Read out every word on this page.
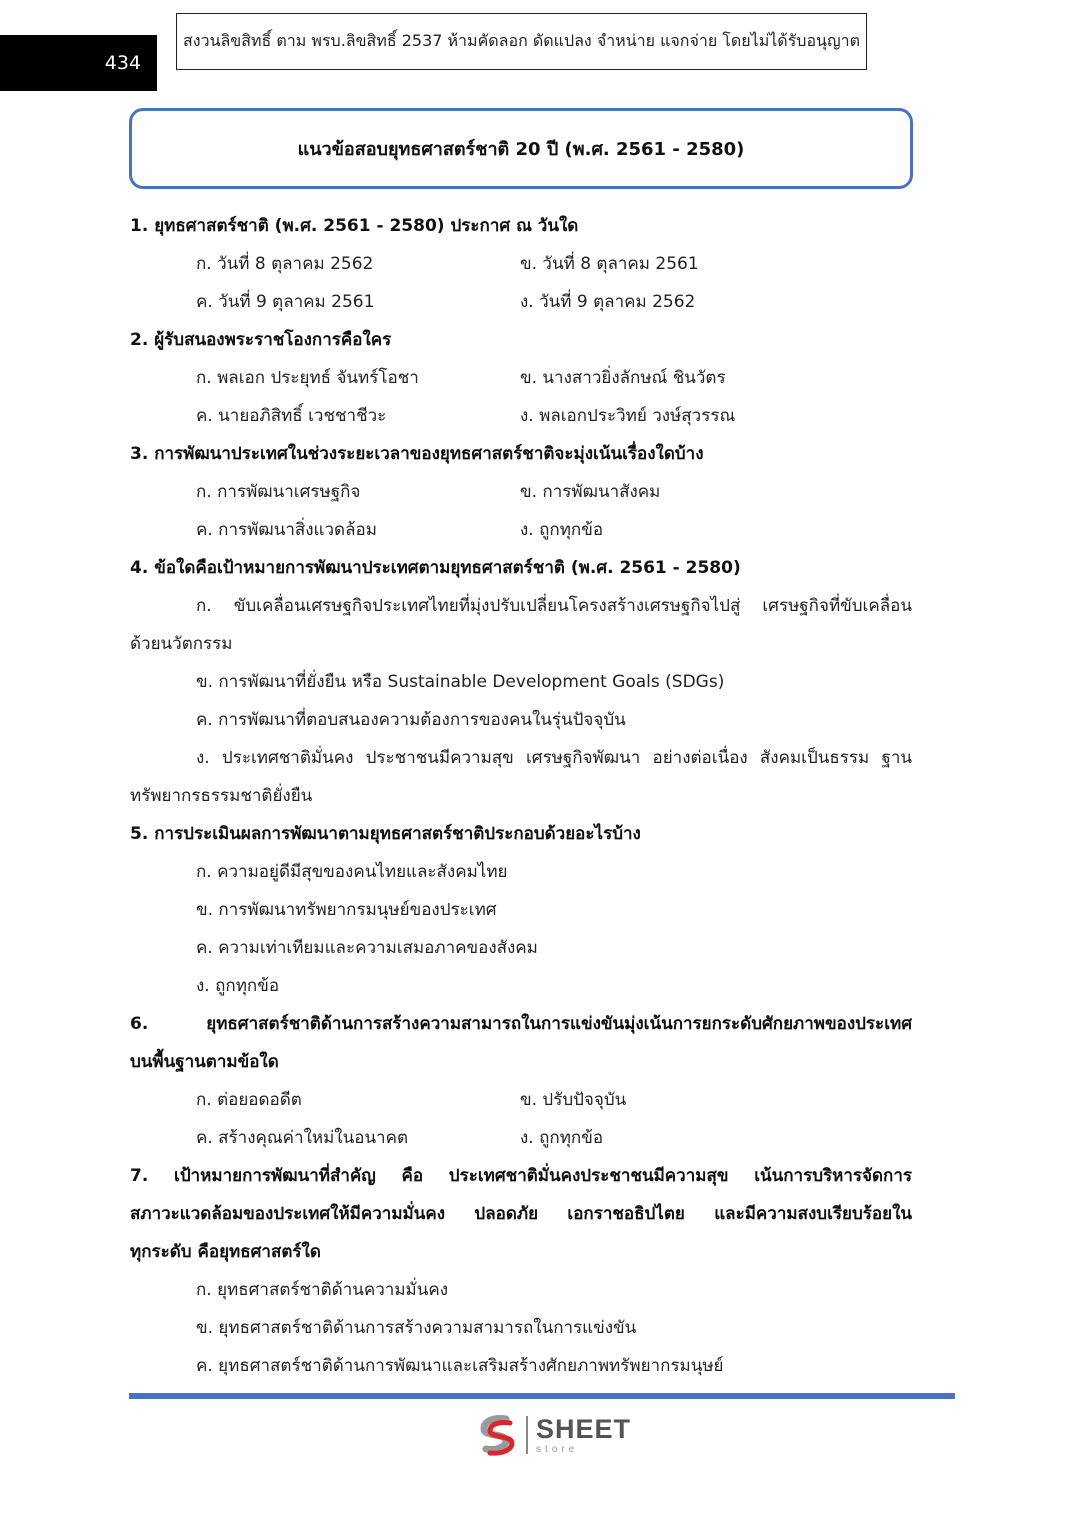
434
สงวนลิขสิทธิ์ ตาม พรบ.ลิขสิทธิ์ 2537 ห้ามคัดลอก ดัดแปลง จำหน่าย แจกจ่าย โดยไม่ได้รับอนุญาต
แนวข้อสอบยุทธศาสตร์ชาติ 20 ปี (พ.ศ. 2561 - 2580)
1. ยุทธศาสตร์ชาติ (พ.ศ. 2561 - 2580) ประกาศ ณ วันใด
ก. วันที่ 8 ตุลาคม 2562	ข. วันที่ 8 ตุลาคม 2561
ค. วันที่ 9 ตุลาคม 2561	ง. วันที่ 9 ตุลาคม 2562
2. ผู้รับสนองพระราชโองการคือใคร
ก. พลเอก ประยุทธ์ จันทร์โอชา	ข. นางสาวยิ่งลักษณ์ ชินวัตร
ค. นายอภิสิทธิ์ เวชชาชีวะ	ง. พลเอกประวิทย์ วงษ์สุวรรณ
3. การพัฒนาประเทศในช่วงระยะเวลาของยุทธศาสตร์ชาติจะมุ่งเน้นเรื่องใดบ้าง
ก. การพัฒนาเศรษฐกิจ	ข. การพัฒนาสังคม
ค. การพัฒนาสิ่งแวดล้อม	ง. ถูกทุกข้อ
4. ข้อใดคือเป้าหมายการพัฒนาประเทศตามยุทธศาสตร์ชาติ (พ.ศ. 2561 - 2580)
ก. ขับเคลื่อนเศรษฐกิจประเทศไทยที่มุ่งปรับเปลี่ยนโครงสร้างเศรษฐกิจไปสู่ เศรษฐกิจที่ขับเคลื่อน
ด้วยนวัตกรรม
ข. การพัฒนาที่ยั่งยืน หรือ Sustainable Development Goals (SDGs)
ค. การพัฒนาที่ตอบสนองความต้องการของคนในรุ่นปัจจุบัน
ง. ประเทศชาติมั่นคง ประชาชนมีความสุข เศรษฐกิจพัฒนา อย่างต่อเนื่อง สังคมเป็นธรรม ฐาน
ทรัพยากรธรรมชาติยั่งยืน
5. การประเมินผลการพัฒนาตามยุทธศาสตร์ชาติประกอบด้วยอะไรบ้าง
ก. ความอยู่ดีมีสุขของคนไทยและสังคมไทย
ข. การพัฒนาทรัพยากรมนุษย์ของประเทศ
ค. ความเท่าเทียมและความเสมอภาคของสังคม
ง. ถูกทุกข้อ
6. ยุทธศาสตร์ชาติด้านการสร้างความสามารถในการแข่งขันมุ่งเน้นการยกระดับศักยภาพของประเทศ
บนพื้นฐานตามข้อใด
ก. ต่อยอดอดีต	ข. ปรับปัจจุบัน
ค. สร้างคุณค่าใหม่ในอนาคต	ง. ถูกทุกข้อ
7. เป้าหมายการพัฒนาที่สำคัญ คือ ประเทศชาติมั่นคงประชาชนมีความสุข เน้นการบริหารจัดการ
สภาวะแวดล้อมของประเทศให้มีความมั่นคง ปลอดภัย เอกราชอธิปไตย และมีความสงบเรียบร้อยใน
ทุกระดับ คือยุทธศาสตร์ใด
ก. ยุทธศาสตร์ชาติด้านความมั่นคง
ข. ยุทธศาสตร์ชาติด้านการสร้างความสามารถในการแข่งขัน
ค. ยุทธศาสตร์ชาติด้านการพัฒนาและเสริมสร้างศักยภาพทรัพยากรมนุษย์
SHEET
store
